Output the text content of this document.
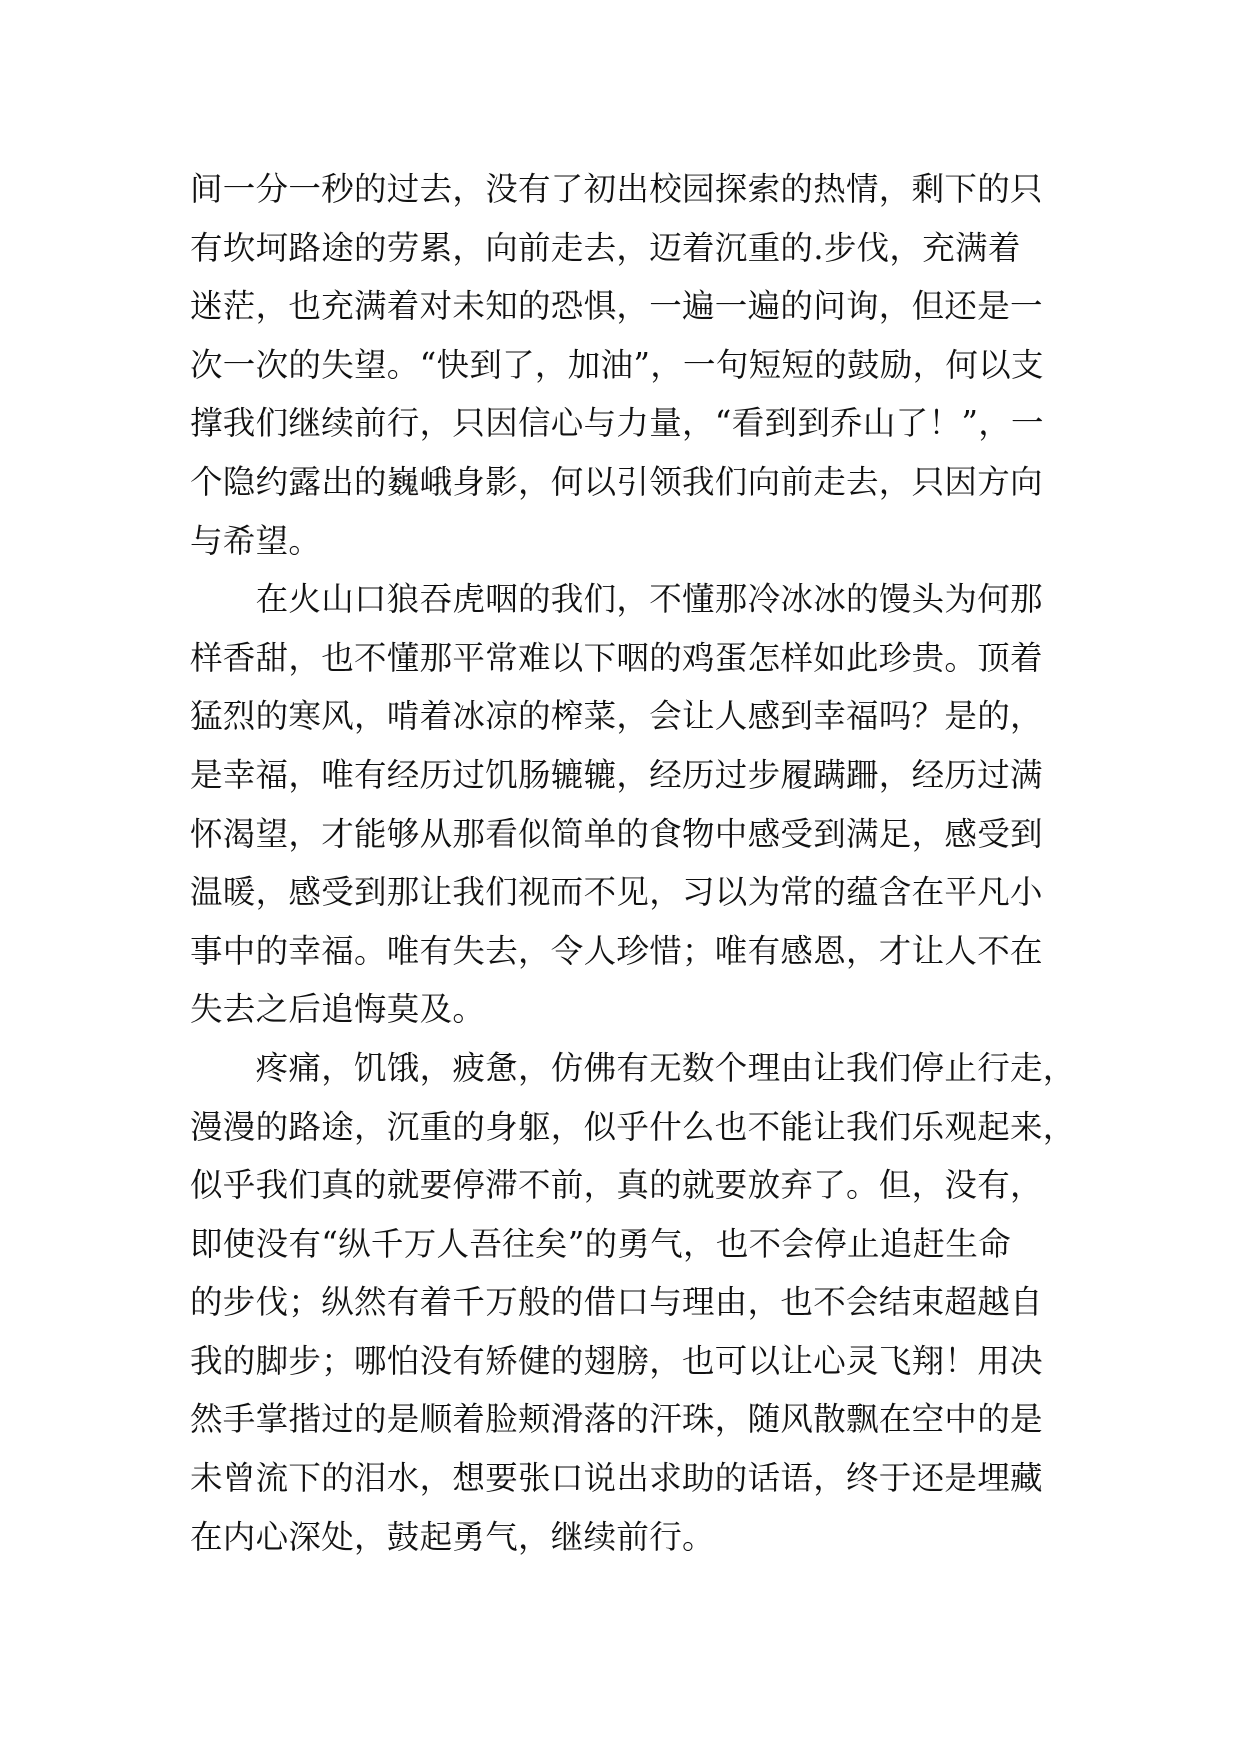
间一分一秒的过去，没有了初出校园探索的热情，剩下的只
有坎坷路途的劳累，向前走去，迈着沉重的.步伐，充满着
迷茫，也充满着对未知的恐惧，一遍一遍的问询，但还是一
次一次的失望。“快到了，加油”，一句短短的鼓励，何以支
撑我们继续前行，只因信心与力量，“看到到乔山了！”，一
个隐约露出的巍峨身影，何以引领我们向前走去，只因方向
与希望。
　　在火山口狼吞虎咽的我们，不懂那冷冰冰的馒头为何那
样香甜，也不懂那平常难以下咽的鸡蛋怎样如此珍贵。顶着
猛烈的寒风，啃着冰凉的榨菜，会让人感到幸福吗？是的，
是幸福，唯有经历过饥肠辘辘，经历过步履蹒跚，经历过满
怀渴望，才能够从那看似简单的食物中感受到满足，感受到
温暖，感受到那让我们视而不见，习以为常的蕴含在平凡小
事中的幸福。唯有失去，令人珍惜；唯有感恩，才让人不在
失去之后追悔莫及。
　　疼痛，饥饿，疲惫，仿佛有无数个理由让我们停止行走，
漫漫的路途，沉重的身躯，似乎什么也不能让我们乐观起来，
似乎我们真的就要停滞不前，真的就要放弃了。但，没有，
即使没有“纵千万人吾往矣”的勇气，也不会停止追赶生命
的步伐；纵然有着千万般的借口与理由，也不会结束超越自
我的脚步；哪怕没有矫健的翅膀，也可以让心灵飞翔！用决
然手掌揩过的是顺着脸颊滑落的汗珠，随风散飘在空中的是
未曾流下的泪水，想要张口说出求助的话语，终于还是埋藏
在内心深处，鼓起勇气，继续前行。
